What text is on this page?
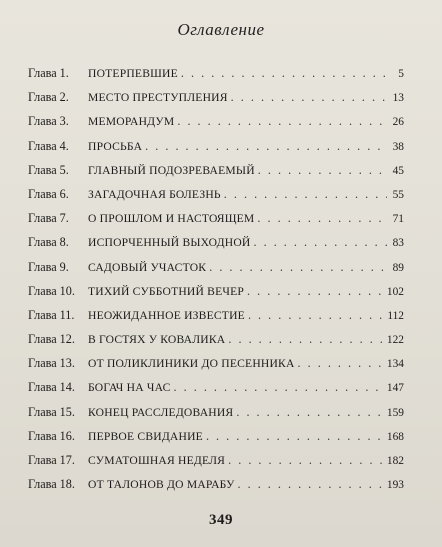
Оглавление
Глава 1.	ПОТЕРПЕВШИЕ . . .	5
Глава 2.	МЕСТО ПРЕСТУПЛЕНИЯ . . .	13
Глава 3.	МЕМОРАНДУМ . . .	26
Глава 4.	ПРОСЬБА . . .	38
Глава 5.	ГЛАВНЫЙ ПОДОЗРЕВАЕМЫЙ . . .	45
Глава 6.	ЗАГАДОЧНАЯ БОЛЕЗНЬ . . .	55
Глава 7.	О ПРОШЛОМ И НАСТОЯЩЕМ . . .	71
Глава 8.	ИСПОРЧЕННЫЙ ВЫХОДНОЙ . . .	83
Глава 9.	САДОВЫЙ УЧАСТОК . . .	89
Глава 10.	ТИХИЙ СУББОТНИЙ ВЕЧЕР . . .	102
Глава 11.	НЕОЖИДАННОЕ ИЗВЕСТИЕ . . .	112
Глава 12.	В ГОСТЯХ У КОВАЛИКА . . .	122
Глава 13.	ОТ ПОЛИКЛИНИКИ ДО ПЕСЕННИКА . . .	134
Глава 14.	БОГАЧ НА ЧАС . . .	147
Глава 15.	КОНЕЦ РАССЛЕДОВАНИЯ . . .	159
Глава 16.	ПЕРВОЕ СВИДАНИЕ . . .	168
Глава 17.	СУМАТОШНАЯ НЕДЕЛЯ . . .	182
Глава 18.	ОТ ТАЛОНОВ ДО МАРАБУ . . .	193
349
